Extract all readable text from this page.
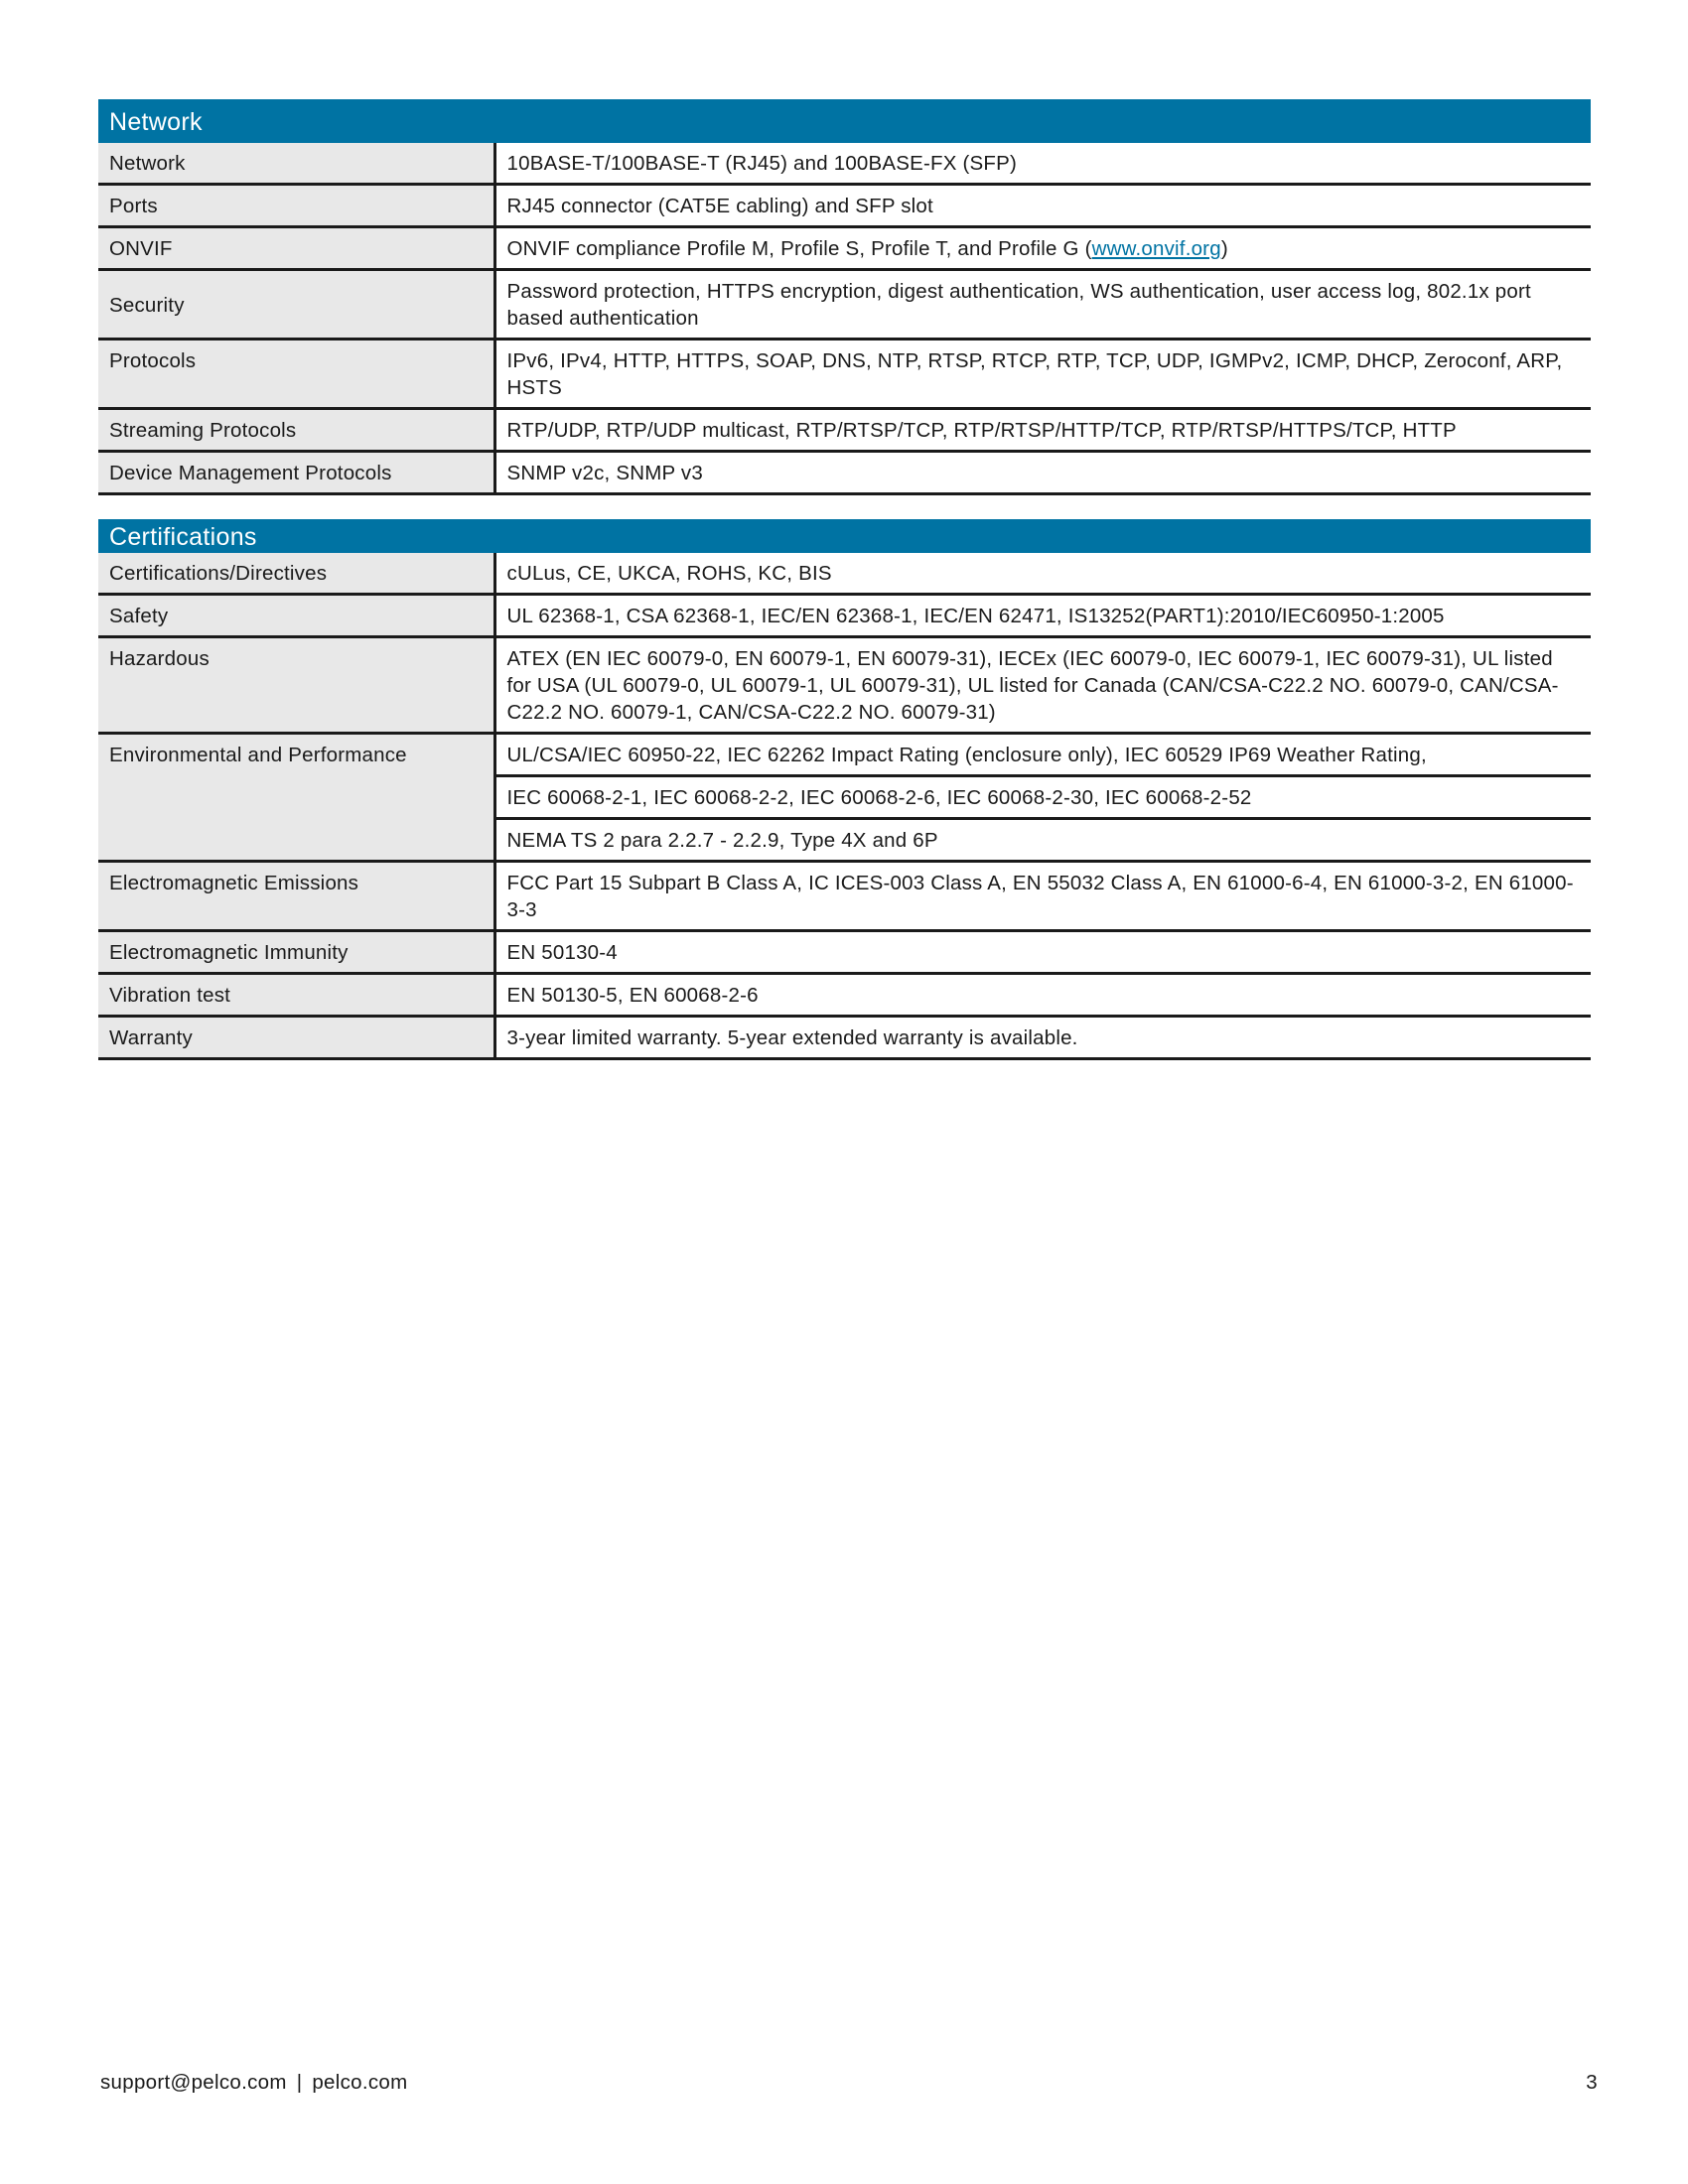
Network
Network	10BASE-T/100BASE-T (RJ45) and 100BASE-FX (SFP)
Ports	RJ45 connector (CAT5E cabling) and SFP slot
ONVIF	ONVIF compliance Profile M, Profile S, Profile T, and Profile G (www.onvif.org)
Security	Password protection, HTTPS encryption, digest authentication, WS authentication, user access log, 802.1x port based authentication
Protocols	IPv6, IPv4, HTTP, HTTPS, SOAP, DNS, NTP, RTSP, RTCP, RTP, TCP, UDP, IGMPv2, ICMP, DHCP, Zeroconf, ARP, HSTS
Streaming Protocols	RTP/UDP, RTP/UDP multicast, RTP/RTSP/TCP, RTP/RTSP/HTTP/TCP, RTP/RTSP/HTTPS/TCP, HTTP
Device Management Protocols	SNMP v2c, SNMP v3
Certifications
Certifications/Directives	cULus, CE, UKCA, ROHS, KC, BIS
Safety	UL 62368-1, CSA 62368-1, IEC/EN 62368-1, IEC/EN 62471, IS13252(PART1):2010/IEC60950-1:2005
Hazardous	ATEX (EN IEC 60079-0, EN 60079-1, EN 60079-31), IECEx (IEC 60079-0, IEC 60079-1, IEC 60079-31), UL listed for USA (UL 60079-0, UL 60079-1, UL 60079-31), UL listed for Canada (CAN/CSA-C22.2 NO. 60079-0, CAN/CSA-C22.2 NO. 60079-1, CAN/CSA-C22.2 NO. 60079-31)
Environmental and Performance	UL/CSA/IEC 60950-22, IEC 62262 Impact Rating (enclosure only), IEC 60529 IP69 Weather Rating,
	IEC 60068-2-1, IEC 60068-2-2, IEC 60068-2-6, IEC 60068-2-30, IEC 60068-2-52
	NEMA TS 2 para 2.2.7 - 2.2.9, Type 4X and 6P
Electromagnetic Emissions	FCC Part 15 Subpart B Class A, IC ICES-003 Class A, EN 55032 Class A, EN 61000-6-4, EN 61000-3-2, EN 61000-3-3
Electromagnetic Immunity	EN 50130-4
Vibration test	EN 50130-5, EN 60068-2-6
Warranty	3-year limited warranty. 5-year extended warranty is available.
support@pelco.com | pelco.com	3
